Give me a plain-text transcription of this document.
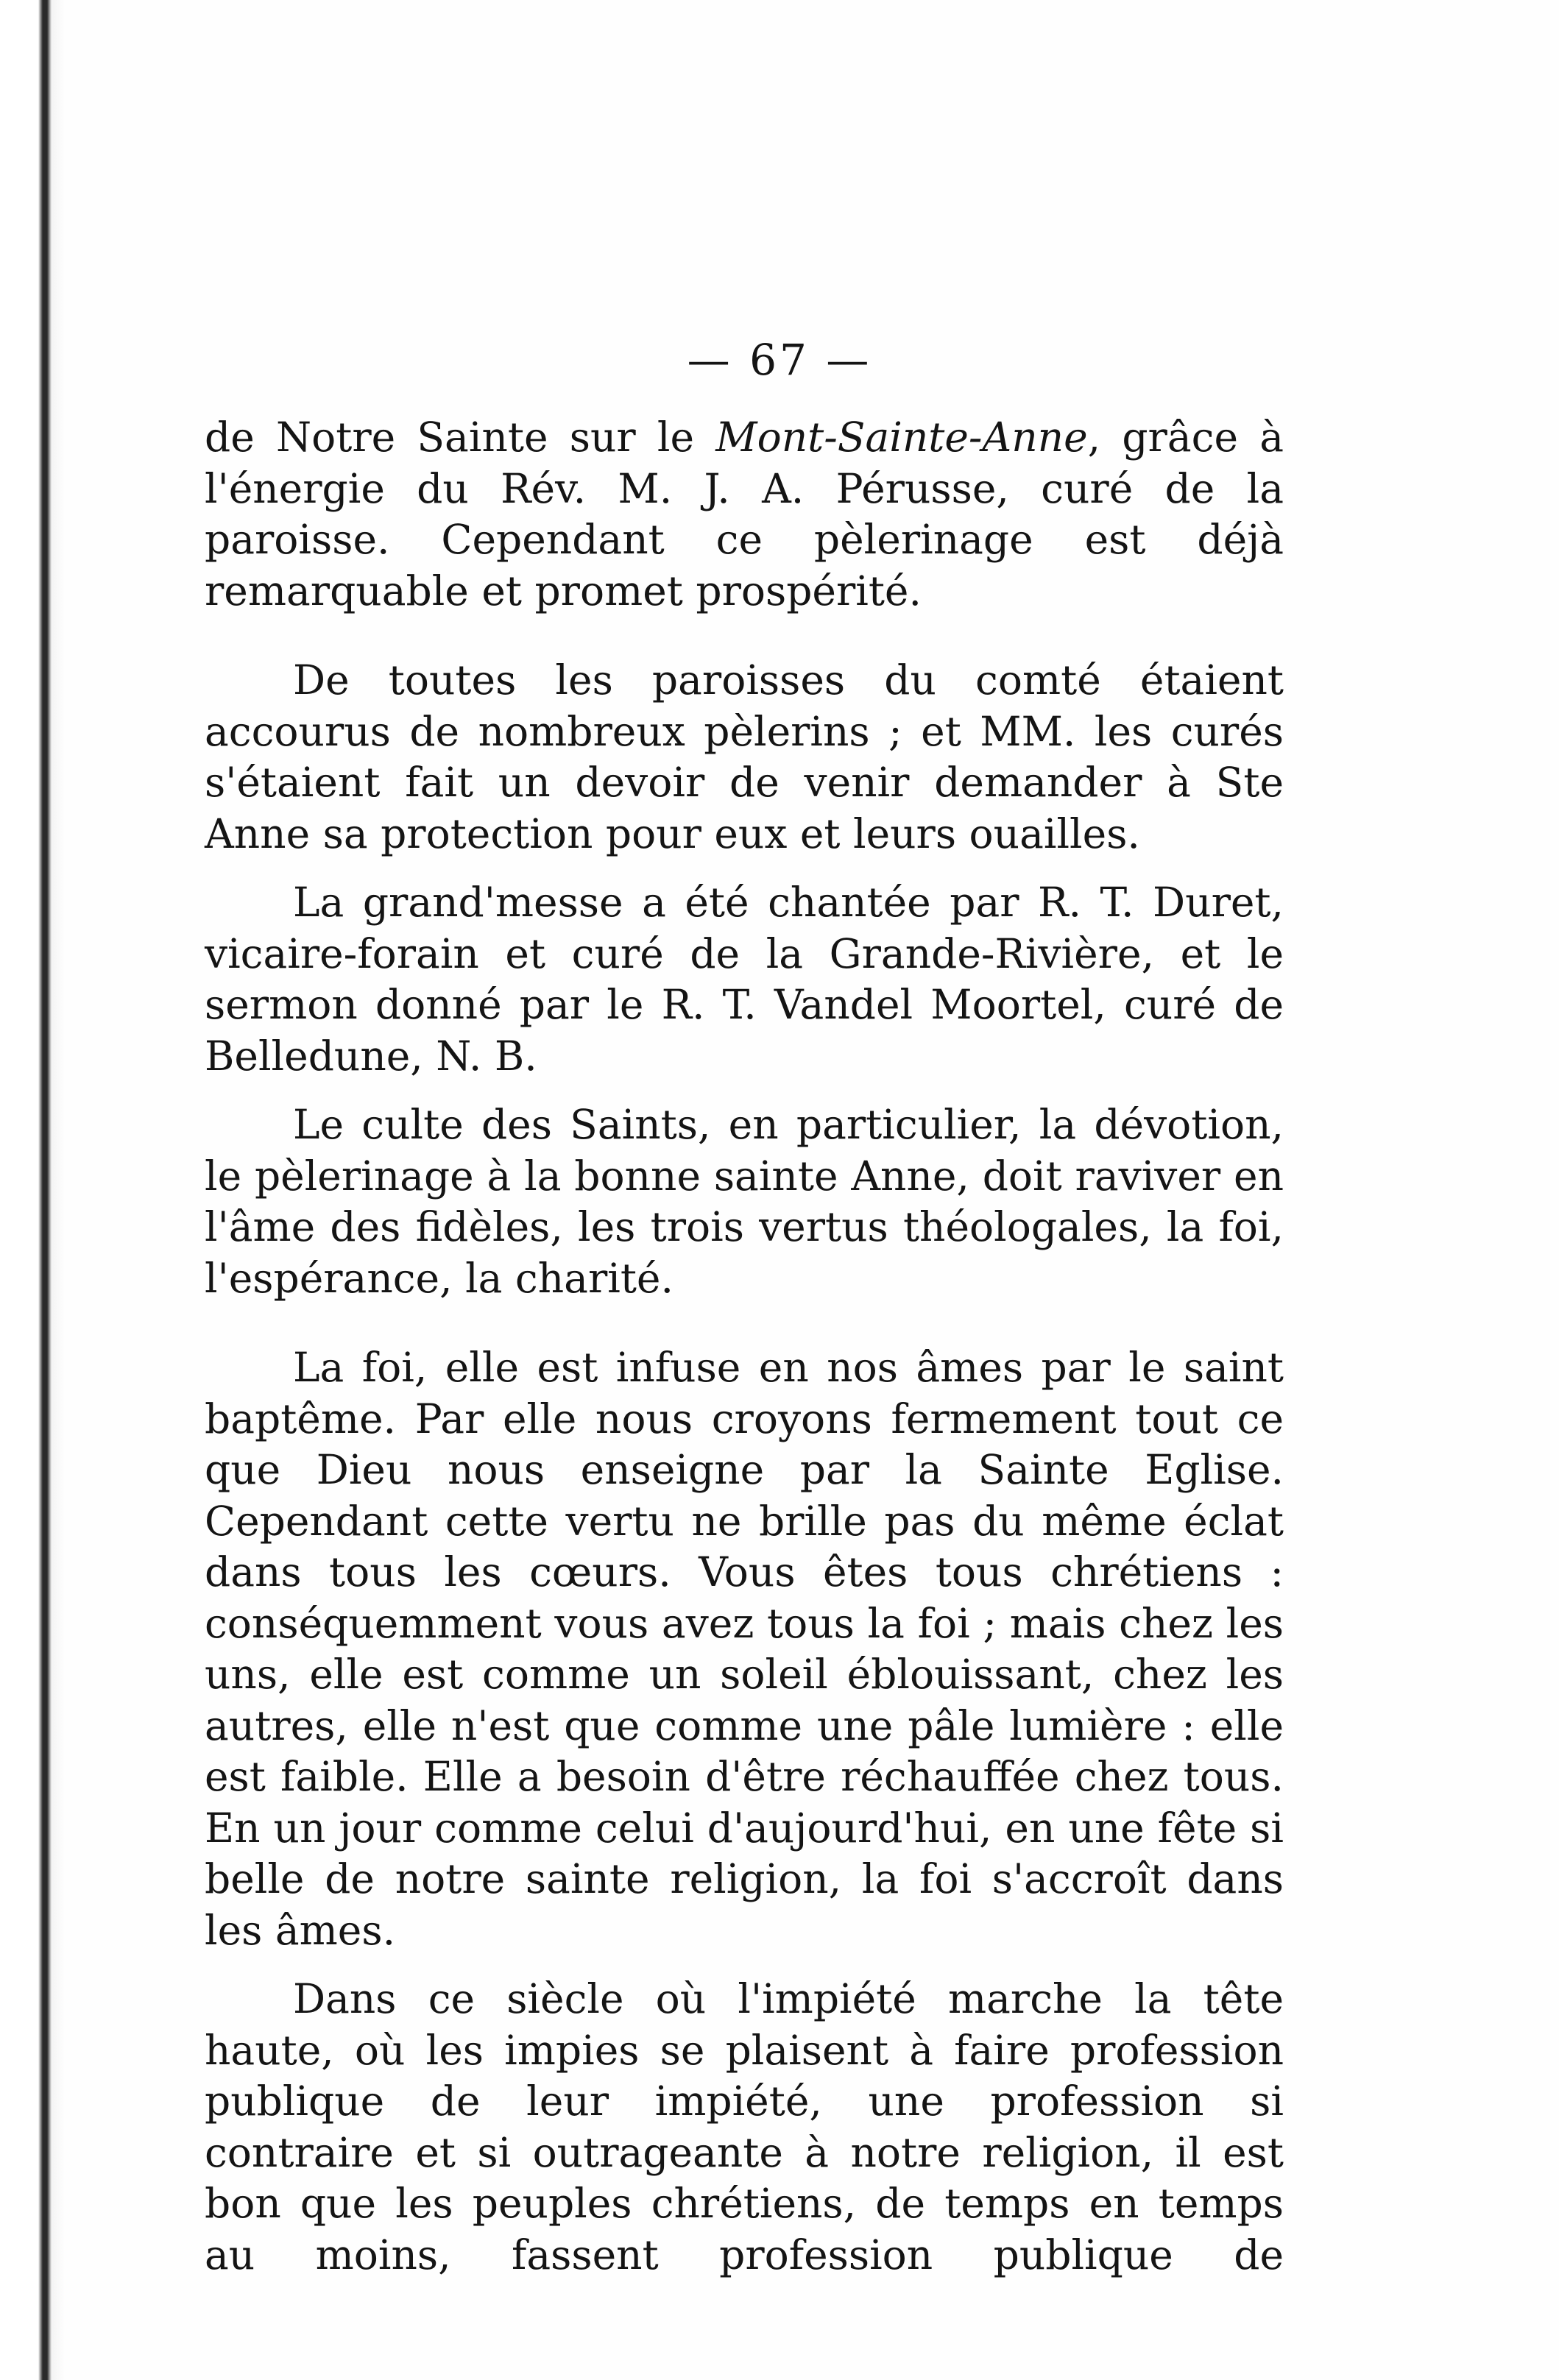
— 67 —

de Notre Sainte sur le Mont-Sainte-Anne, grâce à l'énergie du Rév. M. J. A. Pérusse, curé de la paroisse. Cependant ce pèlerinage est déjà remarquable et promet prospérité.

De toutes les paroisses du comté étaient accourus de nombreux pèlerins ; et MM. les curés s'étaient fait un devoir de venir demander à Ste Anne sa protection pour eux et leurs ouailles.

La grand'messe a été chantée par R. T. Duret, vicaire-forain et curé de la Grande-Rivière, et le sermon donné par le R. T. Vandel Moortel, curé de Belledune, N. B.

Le culte des Saints, en particulier, la dévotion, le pèlerinage à la bonne sainte Anne, doit raviver en l'âme des fidèles, les trois vertus théologales, la foi, l'espérance, la charité.

La foi, elle est infuse en nos âmes par le saint baptême. Par elle nous croyons fermement tout ce que Dieu nous enseigne par la Sainte Eglise. Cependant cette vertu ne brille pas du même éclat dans tous les cœurs. Vous êtes tous chrétiens : conséquemment vous avez tous la foi ; mais chez les uns, elle est comme un soleil éblouissant, chez les autres, elle n'est que comme une pâle lumière : elle est faible. Elle a besoin d'être réchauffée chez tous. En un jour comme celui d'aujourd'hui, en une fête si belle de notre sainte religion, la foi s'accroît dans les âmes.

Dans ce siècle où l'impiété marche la tête haute, où les impies se plaisent à faire profession publique de leur impiété, une profession si contraire et si outrageante à notre religion, il est bon que les peuples chrétiens, de temps en temps au moins, fassent profession publique de
